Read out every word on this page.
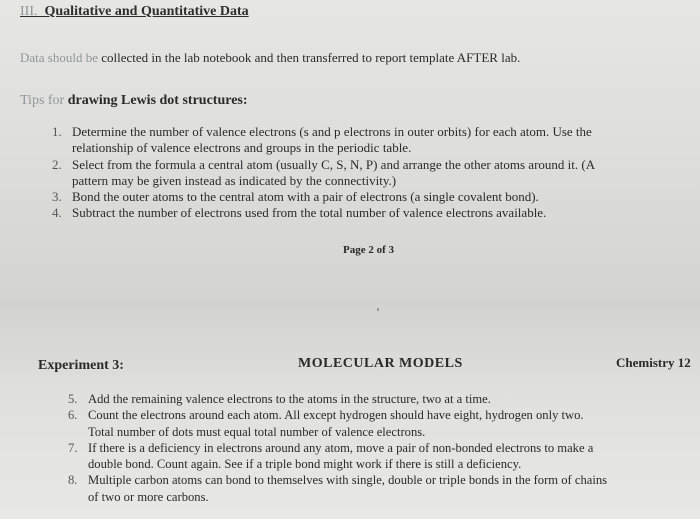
III. Qualitative and Quantitative Data
Data should be collected in the lab notebook and then transferred to report template AFTER lab.
Tips for drawing Lewis dot structures:
1. Determine the number of valence electrons (s and p electrons in outer orbits) for each atom. Use the
relationship of valence electrons and groups in the periodic table.
2. Select from the formula a central atom (usually C, S, N, P) and arrange the other atoms around it. (A
pattern may be given instead as indicated by the connectivity.)
3. Bond the outer atoms to the central atom with a pair of electrons (a single covalent bond).
4. Subtract the number of electrons used from the total number of valence electrons available.
Page 2 of 3
Experiment 3:	MOLECULAR MODELS	Chemistry 12
5. Add the remaining valence electrons to the atoms in the structure, two at a time.
6. Count the electrons around each atom. All except hydrogen should have eight, hydrogen only two.
Total number of dots must equal total number of valence electrons.
7. If there is a deficiency in electrons around any atom, move a pair of non-bonded electrons to make a
double bond. Count again. See if a triple bond might work if there is still a deficiency.
8. Multiple carbon atoms can bond to themselves with single, double or triple bonds in the form of chains
of two or more carbons.
